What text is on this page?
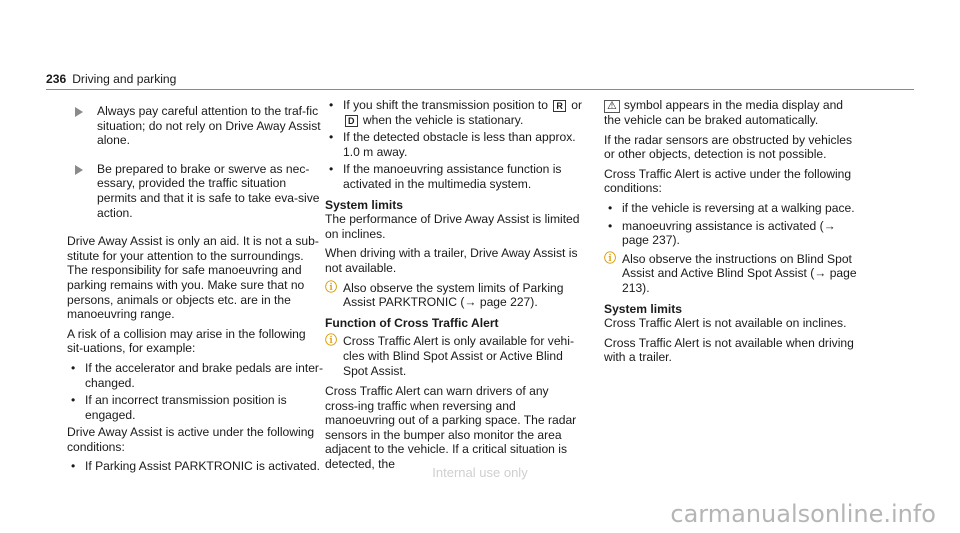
236 Driving and parking
Always pay careful attention to the traf-fic situation; do not rely on Drive Away Assist alone.
Be prepared to brake or swerve as nec-essary, provided the traffic situation permits and that it is safe to take eva-sive action.

Drive Away Assist is only an aid. It is not a sub-stitute for your attention to the surroundings. The responsibility for safe manoeuvring and parking remains with you. Make sure that no persons, animals or objects etc. are in the manoeuvring range.

A risk of a collision may arise in the following sit-uations, for example:

• If the accelerator and brake pedals are inter-changed.
• If an incorrect transmission position is engaged.

Drive Away Assist is active under the following conditions:

• If Parking Assist PARKTRONIC is activated.
• If you shift the transmission position to R or D when the vehicle is stationary.
• If the detected obstacle is less than approx. 1.0 m away.
• If the manoeuvring assistance function is activated in the multimedia system.

System limits

The performance of Drive Away Assist is limited on inclines.

When driving with a trailer, Drive Away Assist is not available.

ⓘ Also observe the system limits of Parking Assist PARKTRONIC (→ page 227).

Function of Cross Traffic Alert

ⓘ Cross Traffic Alert is only available for vehi-cles with Blind Spot Assist or Active Blind Spot Assist.

Cross Traffic Alert can warn drivers of any cross-ing traffic when reversing and manoeuvring out of a parking space. The radar sensors in the bumper also monitor the area adjacent to the vehicle. If a critical situation is detected, the

⚠ symbol appears in the media display and the vehicle can be braked automatically.

If the radar sensors are obstructed by vehicles or other objects, detection is not possible.

Cross Traffic Alert is active under the following conditions:

• if the vehicle is reversing at a walking pace.
• manoeuvring assistance is activated (→ page 237).
ⓘ Also observe the instructions on Blind Spot Assist and Active Blind Spot Assist (→ page 213).

System limits

Cross Traffic Alert is not available on inclines.

Cross Traffic Alert is not available when driving with a trailer.

Internal use only
carmanualsonline.info
